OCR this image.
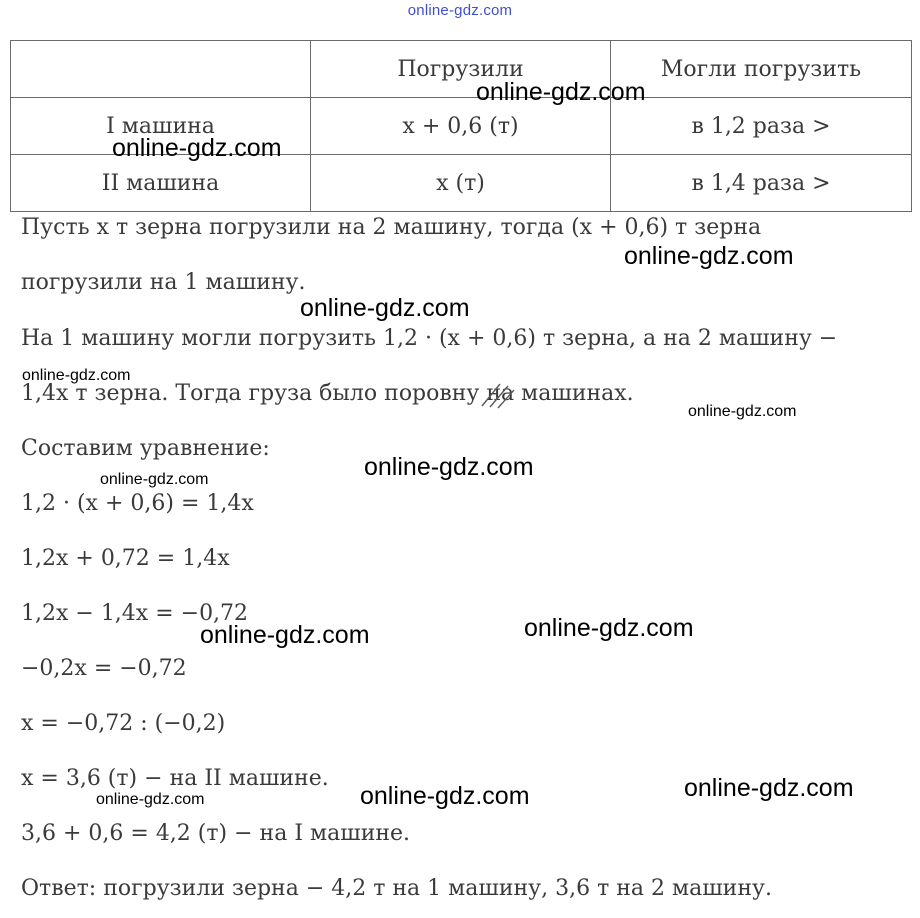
online-gdz.com
	Погрузили	Могли погрузить
I машина	x + 0,6 (т)	в 1,2 раза >
II машина	x (т)	в 1,4 раза >
Пусть x т зерна погрузили на 2 машину, тогда (x + 0,6) т зерна
погрузили на 1 машину.
На 1 машину могли погрузить 1,2 · (x + 0,6) т зерна, а на 2 машину −
1,4x т зерна. Тогда груза было поровну на машинах.
Составим уравнение:
1,2 · (x + 0,6) = 1,4x
1,2x + 0,72 = 1,4x
1,2x − 1,4x = −0,72
−0,2x = −0,72
x = −0,72 : (−0,2)
x = 3,6 (т) − на II машине.
3,6 + 0,6 = 4,2 (т) − на I машине.
Ответ: погрузили зерна − 4,2 т на 1 машину, 3,6 т на 2 машину.
online-gdz.com
online-gdz.com
online-gdz.com
online-gdz.com
online-gdz.com
online-gdz.com
online-gdz.com
online-gdz.com
online-gdz.com	online-gdz.com
online-gdz.com
online-gdz.com
online-gdz.com
